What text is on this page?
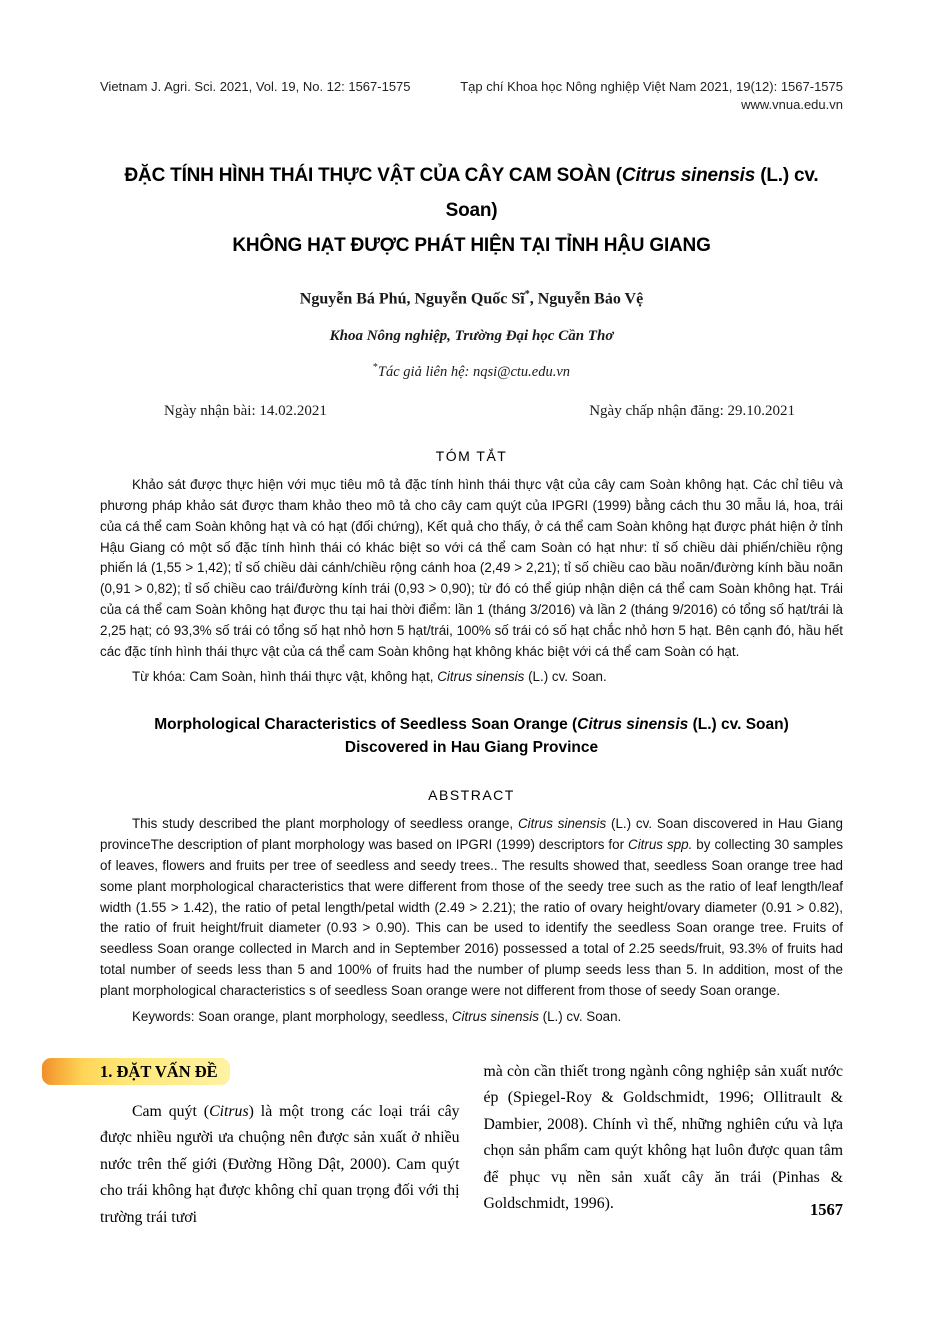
Vietnam J. Agri. Sci. 2021, Vol. 19, No. 12: 1567-1575	Tạp chí Khoa học Nông nghiệp Việt Nam 2021, 19(12): 1567-1575
www.vnua.edu.vn
ĐẶC TÍNH HÌNH THÁI THỰC VẬT CỦA CÂY CAM SOÀN (Citrus sinensis (L.) cv. Soan)
KHÔNG HẠT ĐƯỢC PHÁT HIỆN TẠI TỈNH HẬU GIANG
Nguyễn Bá Phú, Nguyễn Quốc Sĩ*, Nguyễn Bảo Vệ
Khoa Nông nghiệp, Trường Đại học Cần Thơ
*Tác giả liên hệ: nqsi@ctu.edu.vn
Ngày nhận bài: 14.02.2021	Ngày chấp nhận đăng: 29.10.2021
TÓM TẮT

Khảo sát được thực hiện với mục tiêu mô tả đặc tính hình thái thực vật của cây cam Soàn không hạt. Các chỉ tiêu và phương pháp khảo sát được tham khảo theo mô tả cho cây cam quýt của IPGRI (1999) bằng cách thu 30 mẫu lá, hoa, trái của cá thể cam Soàn không hạt và có hạt (đối chứng), Kết quả cho thấy, ở cá thể cam Soàn không hạt được phát hiện ở tỉnh Hậu Giang có một số đặc tính hình thái có khác biệt so với cá thể cam Soàn có hạt như: tỉ số chiều dài phiến/chiều rộng phiến lá (1,55 > 1,42); tỉ số chiều dài cánh/chiều rộng cánh hoa (2,49 > 2,21); tỉ số chiều cao bầu noãn/đường kính bầu noãn (0,91 > 0,82); tỉ số chiều cao trái/đường kính trái (0,93 > 0,90); từ đó có thể giúp nhận diện cá thể cam Soàn không hạt. Trái của cá thể cam Soàn không hạt được thu tại hai thời điểm: lần 1 (tháng 3/2016) và lần 2 (tháng 9/2016) có tổng số hạt/trái là 2,25 hạt; có 93,3% số trái có tổng số hạt nhỏ hơn 5 hạt/trái, 100% số trái có số hạt chắc nhỏ hơn 5 hạt. Bên cạnh đó, hầu hết các đặc tính hình thái thực vật của cá thể cam Soàn không hạt không khác biệt với cá thể cam Soàn có hạt.

Từ khóa: Cam Soàn, hình thái thực vật, không hạt, Citrus sinensis (L.) cv. Soan.

Morphological Characteristics of Seedless Soan Orange (Citrus sinensis (L.) cv. Soan)
Discovered in Hau Giang Province
ABSTRACT

This study described the plant morphology of seedless orange, Citrus sinensis (L.) cv. Soan discovered in Hau Giang provinceThe description of plant morphology was based on IPGRI (1999) descriptors for Citrus spp. by collecting 30 samples of leaves, flowers and fruits per tree of seedless and seedy trees.. The results showed that, seedless Soan orange tree had some plant morphological characteristics that were different from those of the seedy tree such as the ratio of leaf length/leaf width (1.55 > 1.42), the ratio of petal length/petal width (2.49 > 2.21); the ratio of ovary height/ovary diameter (0.91 > 0.82), the ratio of fruit height/fruit diameter (0.93 > 0.90). This can be used to identify the seedless Soan orange tree. Fruits of seedless Soan orange collected in March and in September 2016) possessed a total of 2.25 seeds/fruit, 93.3% of fruits had total number of seeds less than 5 and 100% of fruits had the number of plump seeds less than 5. In addition, most of the plant morphological characteristics s of seedless Soan orange were not different from those of seedy Soan orange.

Keywords: Soan orange, plant morphology, seedless, Citrus sinensis (L.) cv. Soan.

1. ĐẶT VẤN ĐỀ

Cam quýt (Citrus) là một trong các loại trái cây được nhiều người ưa chuộng nên được sản xuất ở nhiều nước trên thế giới (Đường Hồng Dật, 2000). Cam quýt cho trái không hạt được không chỉ quan trọng đối với thị trường trái tươi

mà còn cần thiết trong ngành công nghiệp sản xuất nước ép (Spiegel-Roy & Goldschmidt, 1996; Ollitrault & Dambier, 2008). Chính vì thế, những nghiên cứu và lựa chọn sản phẩm cam quýt không hạt luôn được quan tâm để phục vụ nền sản xuất cây ăn trái (Pinhas & Goldschmidt, 1996).	1567
